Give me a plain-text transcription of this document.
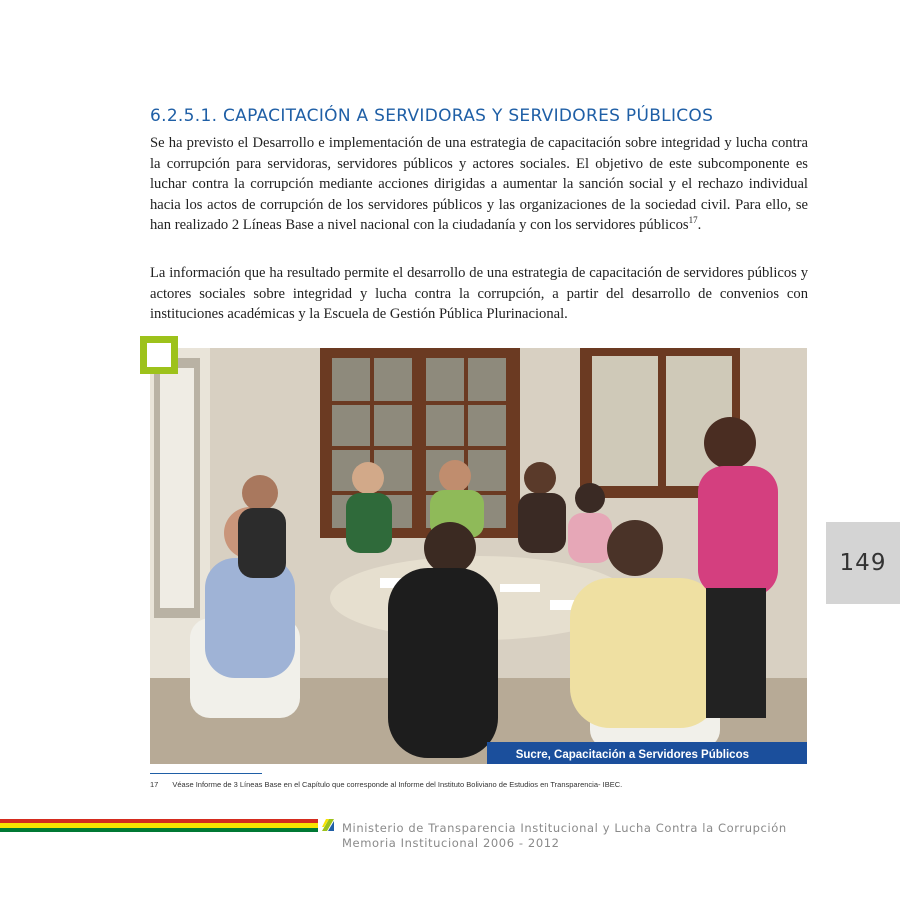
6.2.5.1. CAPACITACIÓN A SERVIDORAS Y SERVIDORES PÚBLICOS

Se ha previsto el Desarrollo e implementación de una estrategia de capacitación sobre integridad y lucha contra la corrupción para servidoras, servidores públicos y actores sociales. El objetivo de este subcomponente es luchar contra la corrupción mediante acciones dirigidas a aumentar la sanción social y el rechazo individual hacia los actos de corrupción de los servidores públicos y las organizaciones de la sociedad civil. Para ello, se han realizado 2 Líneas Base a nivel nacional con la ciudadanía y con los servidores públicos$^{17}$.

La información que ha resultado permite el desarrollo de una estrategia de capacitación de servidores públicos y actores sociales sobre integridad y lucha contra la corrupción, a partir del desarrollo de convenios con instituciones académicas y la Escuela de Gestión Pública Plurinacional.

Sucre, Capacitación a Servidores Públicos
149
17 Véase Informe de 3 Líneas Base en el Capítulo que corresponde al Informe del Instituto Boliviano de Estudios en Transparencia- IBEC.
Ministerio de Transparencia Institucional y Lucha Contra la Corrupción
Memoria Institucional 2006 - 2012
